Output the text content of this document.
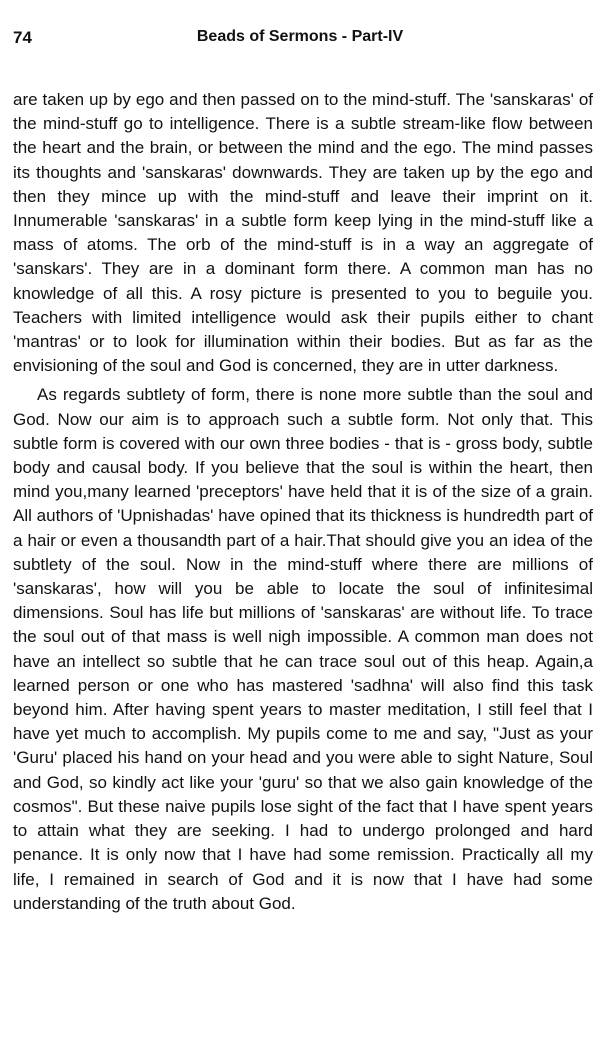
74	Beads of Sermons - Part-IV

are taken up by ego and then passed on to the mind-stuff. The 'sanskaras' of the mind-stuff go to intelligence. There is a subtle stream-like flow between the heart and the brain, or between the mind and the ego. The mind passes its thoughts and 'sanskaras' downwards. They are taken up by the ego and then they mince up with the mind-stuff and leave their imprint on it. Innumerable 'sanskaras' in a subtle form keep lying in the mind-stuff like a mass of atoms. The orb of the mind-stuff is in a way an aggregate of 'sanskars'. They are in a dominant form there. A common man has no knowledge of all this. A rosy picture is presented to you to beguile you. Teachers with limited intelligence would ask their pupils either to chant 'mantras' or to look for illumination within their bodies. But as far as the envisioning of the soul and God is concerned, they are in utter darkness.

As regards subtlety of form, there is none more subtle than the soul and God. Now our aim is to approach such a subtle form. Not only that. This subtle form is covered with our own three bodies - that is - gross body, subtle body and causal body. If you believe that the soul is within the heart, then mind you,many learned 'preceptors' have held that it is of the size of a grain. All authors of 'Upnishadas' have opined that its thickness is hundredth part of a hair or even a thousandth part of a hair.That should give you an idea of the subtlety of the soul. Now in the mind-stuff where there are millions of 'sanskaras', how will you be able to locate the soul of infinitesimal dimensions. Soul has life but millions of 'sanskaras' are without life. To trace the soul out of that mass is well nigh impossible. A common man does not have an intellect so subtle that he can trace soul out of this heap. Again,a learned person or one who has mastered 'sadhna' will also find this task beyond him. After having spent years to master meditation, I still feel that I have yet much to accomplish. My pupils come to me and say, "Just as your 'Guru' placed his hand on your head and you were able to sight Nature, Soul and God, so kindly act like your 'guru' so that we also gain knowledge of the cosmos". But these naive pupils lose sight of the fact that I have spent years to attain what they are seeking. I had to undergo prolonged and hard penance. It is only now that I have had some remission. Practically all my life, I remained in search of God and it is now that I have had some understanding of the truth about God.
